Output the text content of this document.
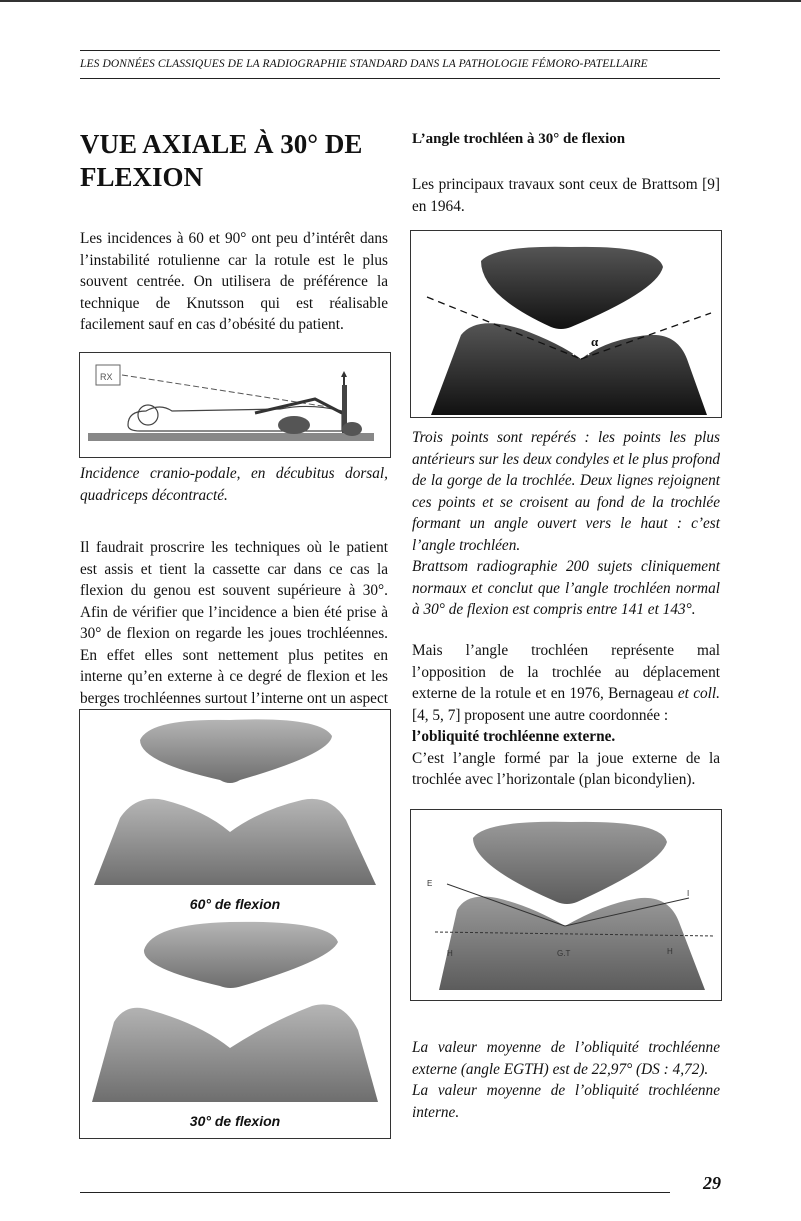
LES DONNÉES CLASSIQUES DE LA RADIOGRAPHIE STANDARD DANS LA PATHOLOGIE FÉMORO-PATELLAIRE
VUE AXIALE À 30° DE
FLEXION

Les incidences à 60 et 90° ont peu d’intérêt dans l’instabilité rotulienne car la rotule est le plus souvent centrée. On utilisera de préférence la technique de Knutsson qui est réalisable facilement sauf en cas d’obésité du patient.

RX

Incidence cranio-podale, en décubitus dorsal, quadriceps décontracté.

Il faudrait proscrire les techniques où le patient est assis et tient la cassette car dans ce cas la flexion du genou est souvent supérieure à 30°. Afin de vérifier que l’incidence a bien été prise à 30° de flexion on regarde les joues trochléennes. En effet elles sont nettement plus petites en interne qu’en externe à ce degré de flexion et les berges trochléennes surtout l’interne ont un aspect

60° de flexion
30° de flexion
L’angle trochléen à 30° de flexion

Les principaux travaux sont ceux de Brattsom [9] en 1964.

α

Trois points sont repérés : les points les plus antérieurs sur les deux condyles et le plus profond de la gorge de la trochlée. Deux lignes rejoignent ces points et se croisent au fond de la trochlée formant un angle ouvert vers le haut : c’est l’angle trochléen.

Brattsom radiographie 200 sujets cliniquement normaux et conclut que l’angle trochléen normal à 30° de flexion est compris entre 141 et 143°.

Mais l’angle trochléen représente mal l’opposition de la trochlée au déplacement externe de la rotule et en 1976, Bernageau et coll. [4, 5, 7] proposent une autre coordonnée :

l’obliquité trochléenne externe.

C’est l’angle formé par la joue externe de la trochlée avec l’horizontale (plan bicondylien).

E
I
H	G.T	H

La valeur moyenne de l’obliquité trochléenne externe (angle EGTH) est de 22,97° (DS : 4,72).

La valeur moyenne de l’obliquité trochléenne interne.

29
